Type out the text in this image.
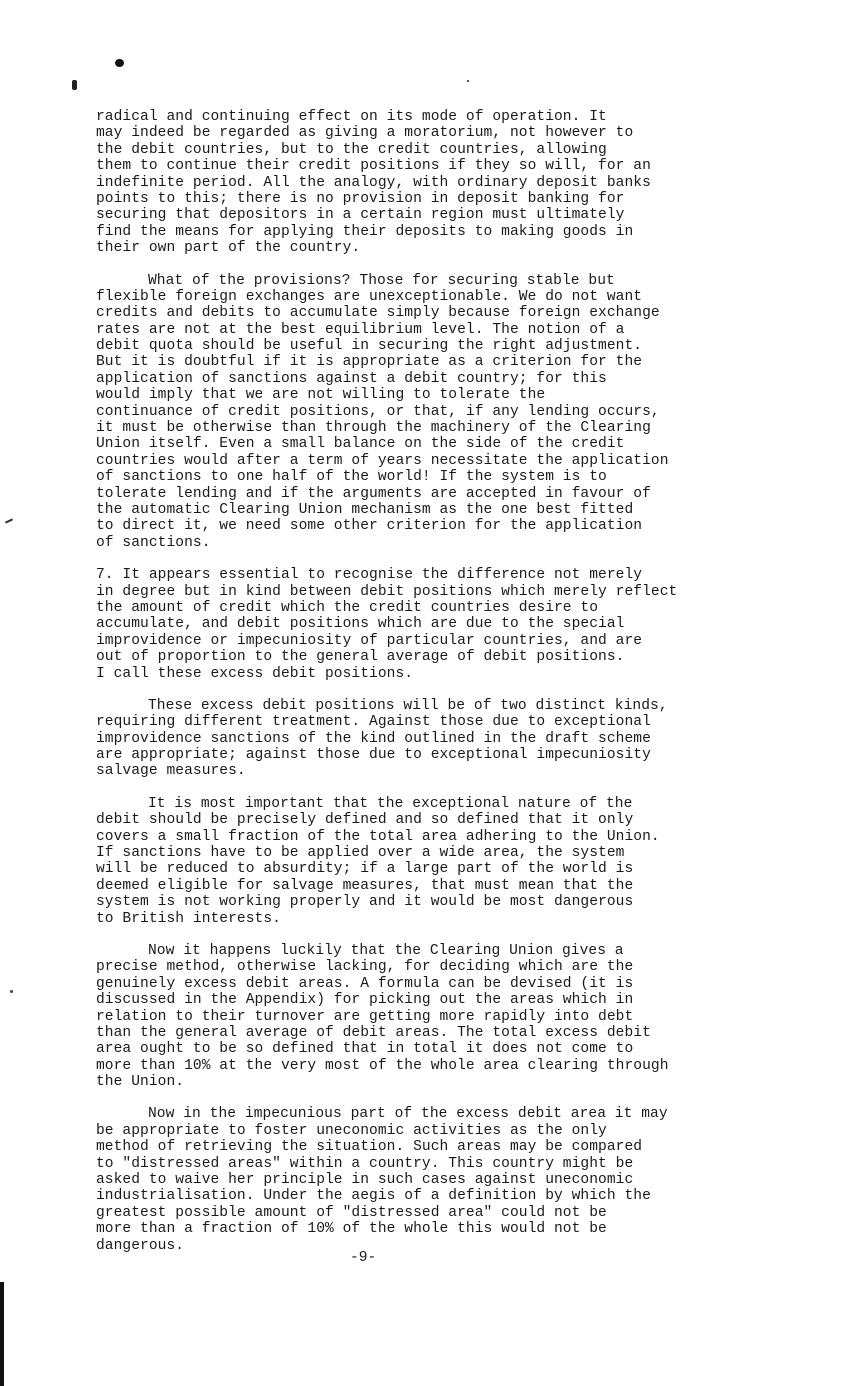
radical and continuing effect on its mode of operation. It
may indeed be regarded as giving a moratorium, not however to
the debit countries, but to the credit countries, allowing
them to continue their credit positions if they so will, for an
indefinite period. All the analogy, with ordinary deposit banks
points to this; there is no provision in deposit banking for
securing that depositors in a certain region must ultimately
find the means for applying their deposits to making goods in
their own part of the country.
What of the provisions? Those for securing stable but
flexible foreign exchanges are unexceptionable. We do not want
credits and debits to accumulate simply because foreign exchange
rates are not at the best equilibrium level. The notion of a
debit quota should be useful in securing the right adjustment.
But it is doubtful if it is appropriate as a criterion for the
application of sanctions against a debit country; for this
would imply that we are not willing to tolerate the
continuance of credit positions, or that, if any lending occurs,
it must be otherwise than through the machinery of the Clearing
Union itself. Even a small balance on the side of the credit
countries would after a term of years necessitate the application
of sanctions to one half of the world! If the system is to
tolerate lending and if the arguments are accepted in favour of
the automatic Clearing Union mechanism as the one best fitted
to direct it, we need some other criterion for the application
of sanctions.
7. It appears essential to recognise the difference not merely
in degree but in kind between debit positions which merely reflect
the amount of credit which the credit countries desire to
accumulate, and debit positions which are due to the special
improvidence or impecuniosity of particular countries, and are
out of proportion to the general average of debit positions.
I call these excess debit positions.
These excess debit positions will be of two distinct kinds,
requiring different treatment. Against those due to exceptional
improvidence sanctions of the kind outlined in the draft scheme
are appropriate; against those due to exceptional impecuniosity
salvage measures.
It is most important that the exceptional nature of the
debit should be precisely defined and so defined that it only
covers a small fraction of the total area adhering to the Union.
If sanctions have to be applied over a wide area, the system
will be reduced to absurdity; if a large part of the world is
deemed eligible for salvage measures, that must mean that the
system is not working properly and it would be most dangerous
to British interests.
Now it happens luckily that the Clearing Union gives a
precise method, otherwise lacking, for deciding which are the
genuinely excess debit areas. A formula can be devised (it is
discussed in the Appendix) for picking out the areas which in
relation to their turnover are getting more rapidly into debt
than the general average of debit areas. The total excess debit
area ought to be so defined that in total it does not come to
more than 10% at the very most of the whole area clearing through
the Union.
Now in the impecunious part of the excess debit area it may
be appropriate to foster uneconomic activities as the only
method of retrieving the situation. Such areas may be compared
to "distressed areas" within a country. This country might be
asked to waive her principle in such cases against uneconomic
industrialisation. Under the aegis of a definition by which the
greatest possible amount of "distressed area" could not be
more than a fraction of 10% of the whole this would not be
dangerous.
-9-
